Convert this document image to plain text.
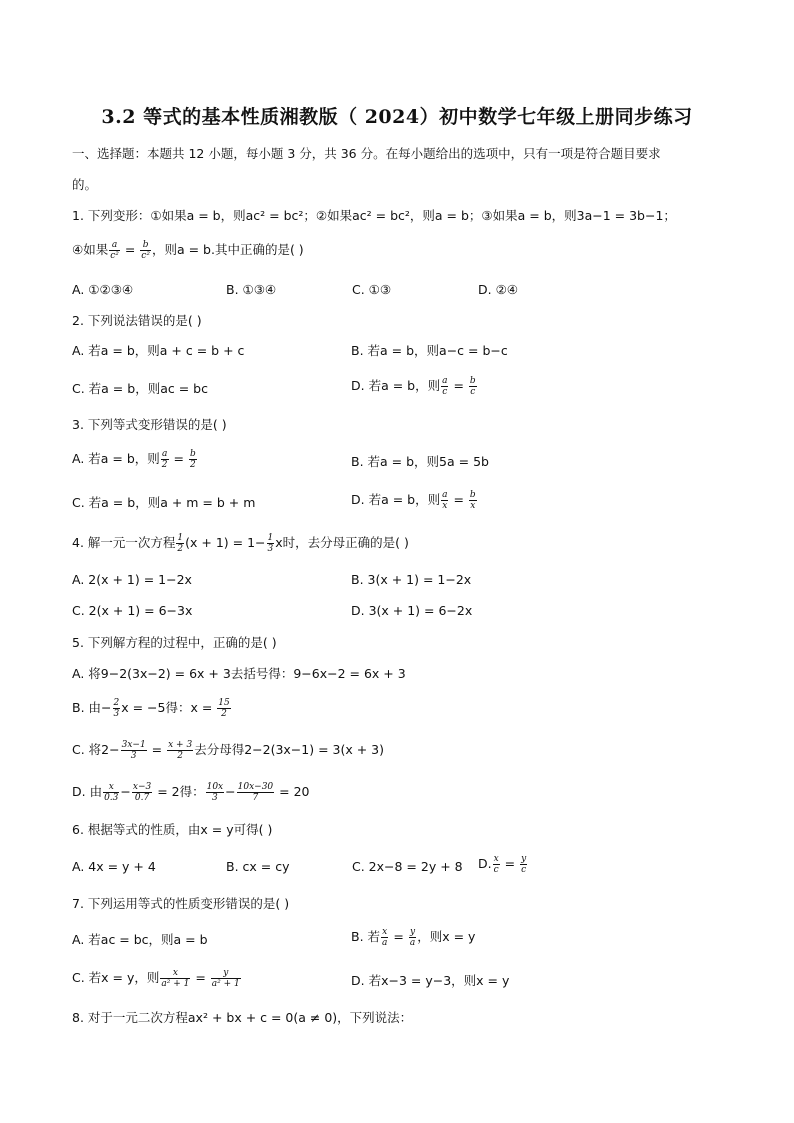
3.2 等式的基本性质湘教版（ 2024）初中数学七年级上册同步练习
一、选择题：本题共 12 小题，每小题 3 分，共 36 分。在每小题给出的选项中，只有一项是符合题目要求
的。
1. 下列变形：①如果a = b，则ac² = bc²；②如果ac² = bc²，则a = b；③如果a = b，则3a−1 = 3b−1；
④如果 $\frac{a}{\text{c²}} = \frac{b}{\text{c²}}$ ，则a = b.其中正确的是( )
A. ①②③④	B. ①③④	C. ①③	D. ②④
2. 下列说法错误的是( )
A. 若a = b，则a + c = b + c	B. 若a = b，则a−c = b−c
C. 若a = b，则ac = bc	D. 若a = b，则 $\frac{a}{c} = \frac{b}{c}$
3. 下列等式变形错误的是( )
A. 若a = b，则 $\frac{a}{2} = \frac{b}{2}$	B. 若a = b，则5a = 5b
C. 若a = b，则a + m = b + m	D. 若a = b，则 $\frac{a}{x} = \frac{b}{x}$
4. 解一元一次方程 $\frac{1}{2} (x + 1) = 1- \frac{1}{3}$ x时，去分母正确的是( )
A. 2(x + 1) = 1−2x	B. 3(x + 1) = 1−2x
C. 2(x + 1) = 6−3x	D. 3(x + 1) = 6−2x
5. 下列解方程的过程中，正确的是( )
A. 将9−2(3x−2) = 6x + 3去括号得：9−6x−2 = 6x + 3
B. 由− $\frac{2}{3}$ x = −5得：$x = \frac{15}{2}$
C. 将$2- \frac{3x-1}{3} = \frac{x + 3}{2}$ 去分母得2−2(3x−1) = 3(x + 3)
D. 由 $\frac{x}{0.3} - \frac{x-3}{0.7} = 2$得： $\frac{10x}{3} - \frac{10x-30}{7} = 20$
6. 根据等式的性质，由x = y可得( )
A. 4x = y + 4	B. cx = cy	C. 2x−8 = 2y + 8 D. $\frac{x}{c} = \frac{y}{c}$
7. 下列运用等式的性质变形错误的是( )
A. 若ac = bc，则a = b	B. 若 $\frac{x}{a} = \frac{y}{a}$ ，则x = y
C. 若x = y，则 $\frac{x}{\text{a² + 1}} = \frac{y}{\text{a² + 1}}$	D. 若x−3 = y−3，则x = y
8. 对于一元二次方程ax² + bx + c = 0(a ≠ 0)，下列说法：
